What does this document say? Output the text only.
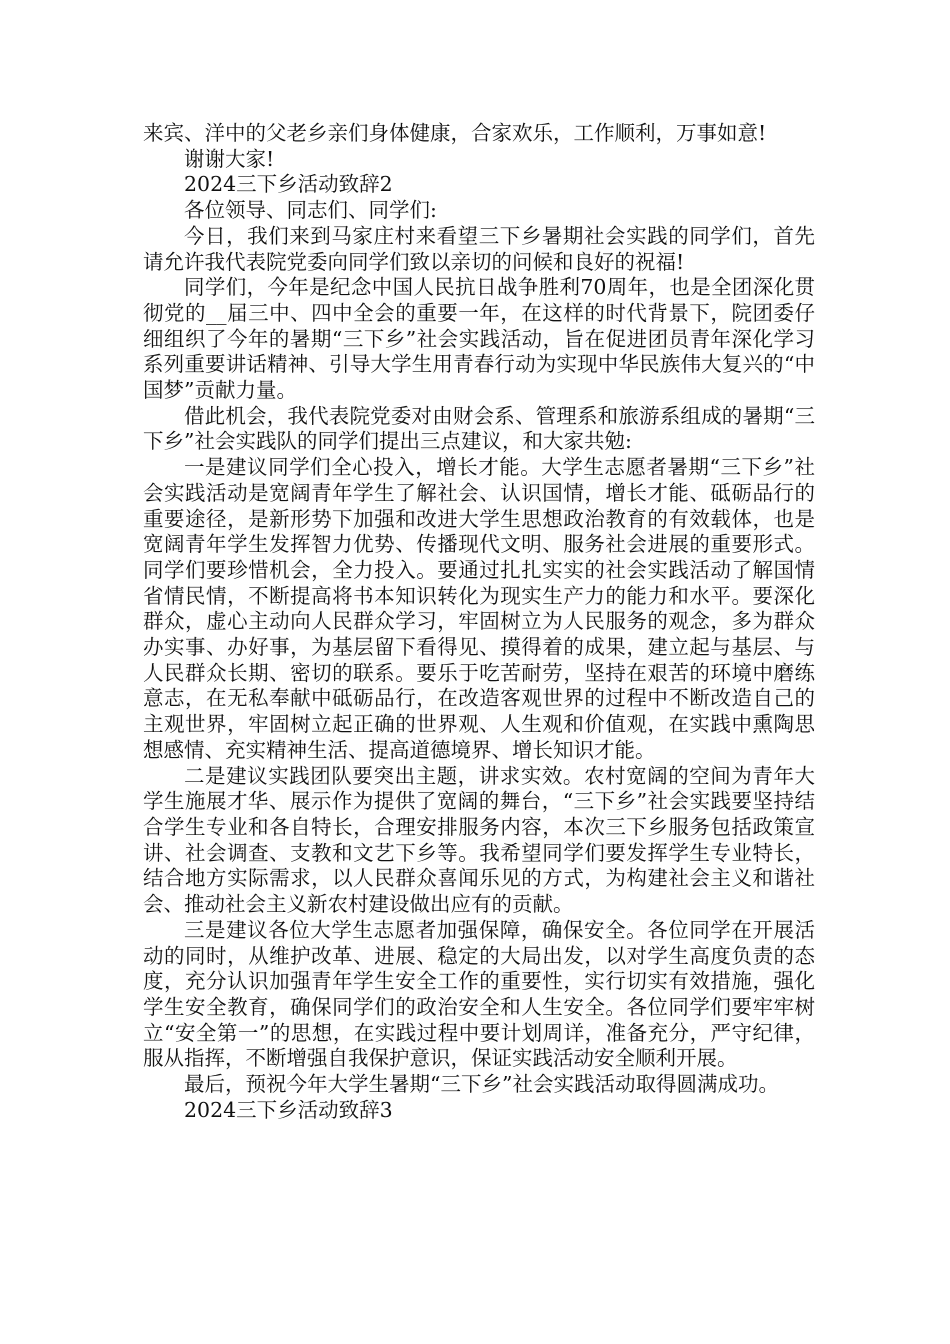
来宾、洋中的父老乡亲们身体健康，合家欢乐，工作顺利，万事如意!

谢谢大家!

2024三下乡活动致辞2

各位领导、同志们、同学们:

今日，我们来到马家庄村来看望三下乡暑期社会实践的同学们，首先请允许我代表院党委向同学们致以亲切的问候和良好的祝福!

同学们，今年是纪念中国人民抗日战争胜利70周年，也是全团深化贯彻党的__届三中、四中全会的重要一年，在这样的时代背景下，院团委仔细组织了今年的暑期“三下乡”社会实践活动，旨在促进团员青年深化学习系列重要讲话精神、引导大学生用青春行动为实现中华民族伟大复兴的“中国梦”贡献力量。

借此机会，我代表院党委对由财会系、管理系和旅游系组成的暑期“三下乡”社会实践队的同学们提出三点建议，和大家共勉:

一是建议同学们全心投入，增长才能。大学生志愿者暑期“三下乡”社会实践活动是宽阔青年学生了解社会、认识国情，增长才能、砥砺品行的重要途径，是新形势下加强和改进大学生思想政治教育的有效载体，也是宽阔青年学生发挥智力优势、传播现代文明、服务社会进展的重要形式。同学们要珍惜机会，全力投入。要通过扎扎实实的社会实践活动了解国情省情民情，不断提高将书本知识转化为现实生产力的能力和水平。要深化群众，虚心主动向人民群众学习，牢固树立为人民服务的观念，多为群众办实事、办好事，为基层留下看得见、摸得着的成果，建立起与基层、与人民群众长期、密切的联系。要乐于吃苦耐劳，坚持在艰苦的环境中磨练意志，在无私奉献中砥砺品行，在改造客观世界的过程中不断改造自己的主观世界，牢固树立起正确的世界观、人生观和价值观，在实践中熏陶思想感情、充实精神生活、提高道德境界、增长知识才能。

二是建议实践团队要突出主题，讲求实效。农村宽阔的空间为青年大学生施展才华、展示作为提供了宽阔的舞台，“三下乡”社会实践要坚持结合学生专业和各自特长，合理安排服务内容，本次三下乡服务包括政策宣讲、社会调查、支教和文艺下乡等。我希望同学们要发挥学生专业特长，结合地方实际需求，以人民群众喜闻乐见的方式，为构建社会主义和谐社会、推动社会主义新农村建设做出应有的贡献。

三是建议各位大学生志愿者加强保障，确保安全。各位同学在开展活动的同时，从维护改革、进展、稳定的大局出发，以对学生高度负责的态度，充分认识加强青年学生安全工作的重要性，实行切实有效措施，强化学生安全教育，确保同学们的政治安全和人生安全。各位同学们要牢牢树立“安全第一”的思想，在实践过程中要计划周详，准备充分，严守纪律，服从指挥，不断增强自我保护意识，保证实践活动安全顺利开展。

最后，预祝今年大学生暑期“三下乡”社会实践活动取得圆满成功。

2024三下乡活动致辞3
